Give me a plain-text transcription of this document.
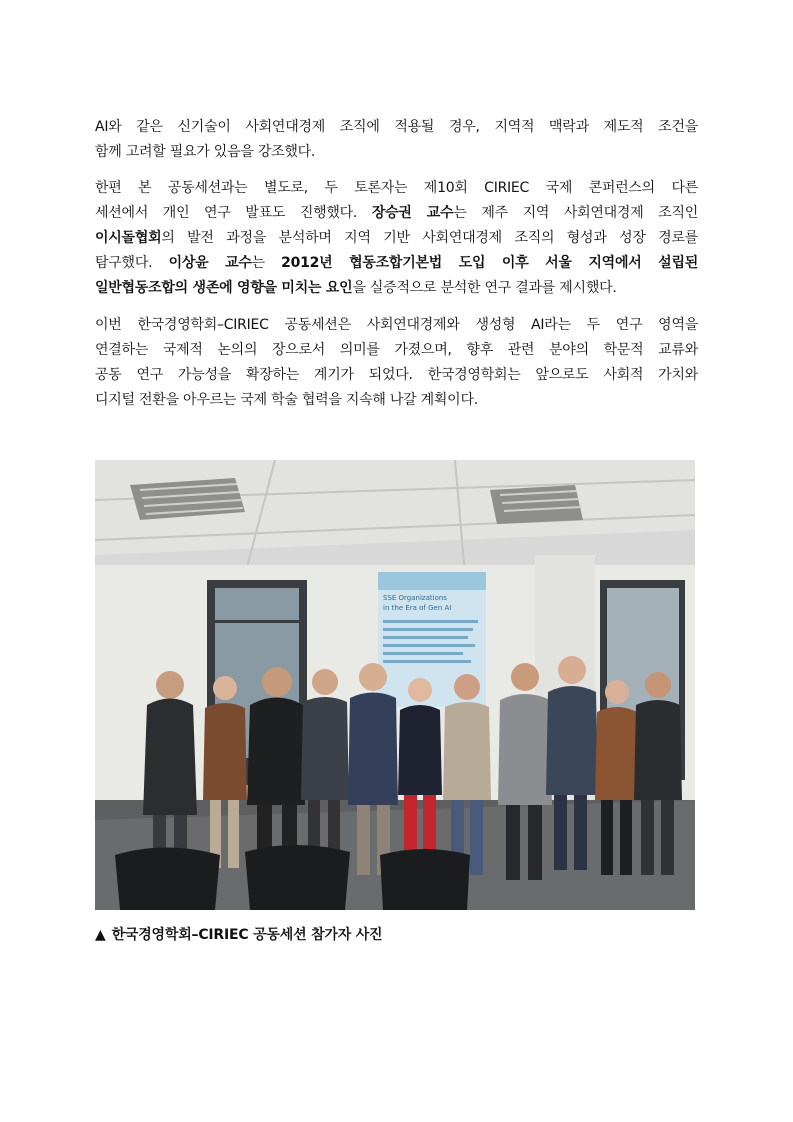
AI와 같은 신기술이 사회연대경제 조직에 적용될 경우, 지역적 맥락과 제도적 조건을
함께 고려할 필요가 있음을 강조했다.

한편 본 공동세션과는 별도로, 두 토론자는 제10회 CIRIEC 국제 콘퍼런스의 다른
세션에서 개인 연구 발표도 진행했다. 장승권 교수는 제주 지역 사회연대경제 조직인
이시돌협회의 발전 과정을 분석하며 지역 기반 사회연대경제 조직의 형성과 성장 경로를
탐구했다. 이상윤 교수는 2012년 협동조합기본법 도입 이후 서울 지역에서 설립된
일반협동조합의 생존에 영향을 미치는 요인을 실증적으로 분석한 연구 결과를 제시했다.

이번 한국경영학회–CIRIEC 공동세션은 사회연대경제와 생성형 AI라는 두 연구 영역을
연결하는 국제적 논의의 장으로서 의미를 가졌으며, 향후 관련 분야의 학문적 교류와
공동 연구 가능성을 확장하는 계기가 되었다. 한국경영학회는 앞으로도 사회적 가치와
디지털 전환을 아우르는 국제 학술 협력을 지속해 나갈 계획이다.

SSE Organizations
in the Era of Gen AI
▲ 한국경영학회–CIRIEC 공동세션 참가자 사진
